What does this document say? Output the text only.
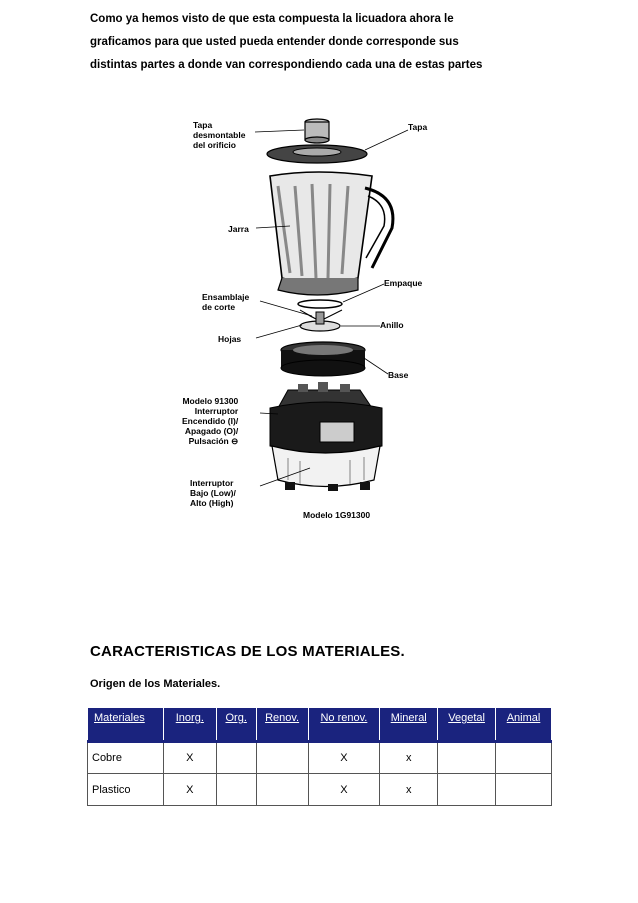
Como ya hemos visto de que esta compuesta la licuadora ahora le
graficamos para que usted pueda entender donde corresponde sus
distintas partes a donde van correspondiendo cada una de estas partes
Tapa
desmontable
del orificio
Tapa
Jarra
Empaque
Ensamblaje
de corte
Anillo
Hojas
Base
Modelo 91300
Interruptor
Encendido (I)/
Apagado (O)/
Pulsación ⊖
Interruptor
Bajo (Low)/
Alto (High)
Modelo 1G91300
CARACTERISTICAS DE LOS MATERIALES.
Origen de los Materiales.
Materiales	Inorg.	Org.	Renov.	No renov.	Mineral	Vegetal	Animal
Cobre	X			X	x		
Plastico	X			X	x		
